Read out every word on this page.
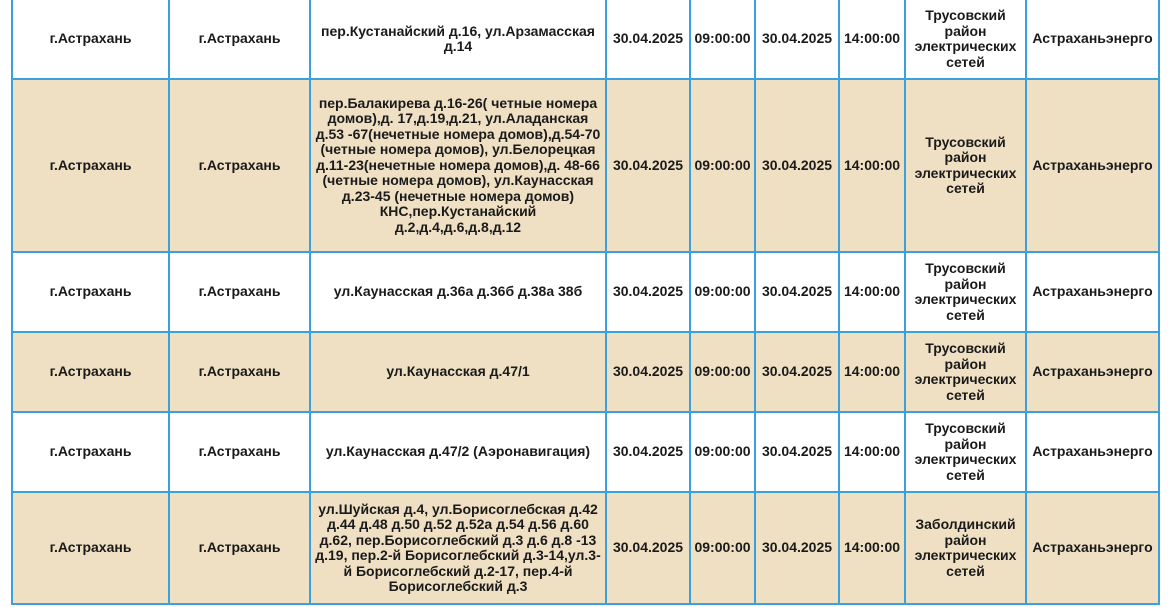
г.Астрахань	г.Астрахань	пер.Кустанайский д.16, ул.Арзамасская д.14	30.04.2025	09:00:00	30.04.2025	14:00:00	Трусовский район электрических сетей	Астраханьэнерго
г.Астрахань	г.Астрахань	пер.Балакирева д.16-26( четные номера домов),д. 17,д.19,д.21, ул.Аладанская д.53 -67(нечетные номера домов),д.54-70 (четные номера домов), ул.Белорецкая д.11-23(нечетные номера домов),д. 48-66 (четные номера домов), ул.Каунасская д.23-45 (нечетные номера домов) КНС,пер.Кустанайский д.2,д.4,д.6,д.8,д.12	30.04.2025	09:00:00	30.04.2025	14:00:00	Трусовский район электрических сетей	Астраханьэнерго
г.Астрахань	г.Астрахань	ул.Каунасская д.36а д.36б д.38а 38б	30.04.2025	09:00:00	30.04.2025	14:00:00	Трусовский район электрических сетей	Астраханьэнерго
г.Астрахань	г.Астрахань	ул.Каунасская д.47/1	30.04.2025	09:00:00	30.04.2025	14:00:00	Трусовский район электрических сетей	Астраханьэнерго
г.Астрахань	г.Астрахань	ул.Каунасская д.47/2 (Аэронавигация)	30.04.2025	09:00:00	30.04.2025	14:00:00	Трусовский район электрических сетей	Астраханьэнерго
г.Астрахань	г.Астрахань	ул.Шуйская д.4, ул.Борисоглебская д.42 д.44 д.48 д.50 д.52 д.52а д.54 д.56 д.60 д.62, пер.Борисоглебский д.3 д.6 д.8 -13 д.19, пер.2-й Борисоглебский д.3-14,ул.3-й Борисоглебский д.2-17, пер.4-й Борисоглебский д.3	30.04.2025	09:00:00	30.04.2025	14:00:00	Заболдинский район электрических сетей	Астраханьэнерго
